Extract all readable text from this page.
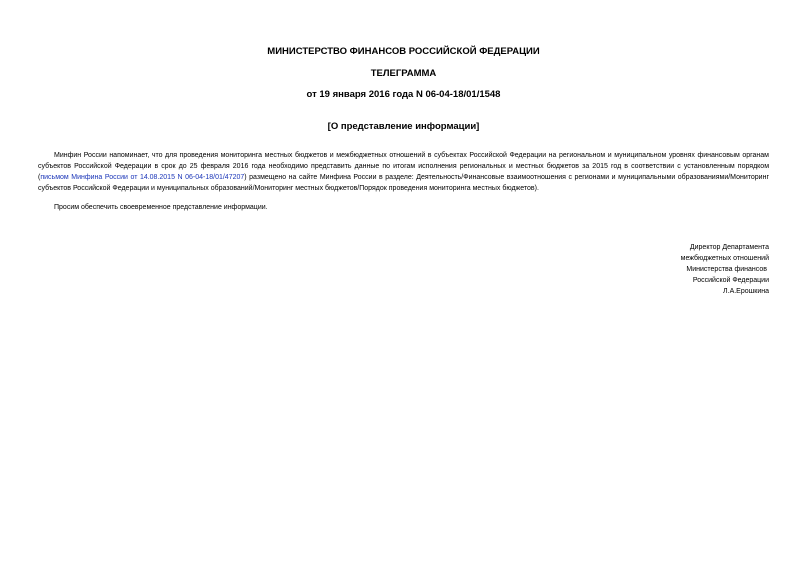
МИНИСТЕРСТВО ФИНАНСОВ РОССИЙСКОЙ ФЕДЕРАЦИИ
ТЕЛЕГРАММА
от 19 января 2016 года N 06-04-18/01/1548
[О представление информации]
Минфин России напоминает, что для проведения мониторинга местных бюджетов и межбюджетных отношений в субъектах Российской Федерации на региональном и муниципальном уровнях финансовым органам субъектов Российской Федерации в срок до 25 февраля 2016 года необходимо представить данные по итогам исполнения региональных и местных бюджетов за 2015 год в соответствии с установленным порядком (письмом Минфина России от 14.08.2015 N 06-04-18/01/47207) размещено на сайте Минфина России в разделе: Деятельность/Финансовые взаимоотношения с регионами и муниципальными образованиями/Мониторинг субъектов Российской Федерации и муниципальных образований/Мониторинг местных бюджетов/Порядок проведения мониторинга местных бюджетов).
Просим обеспечить своевременное представление информации.
Директор Департамента
межбюджетных отношений
Министерства финансов
Российской Федерации
Л.А.Ерошкина
